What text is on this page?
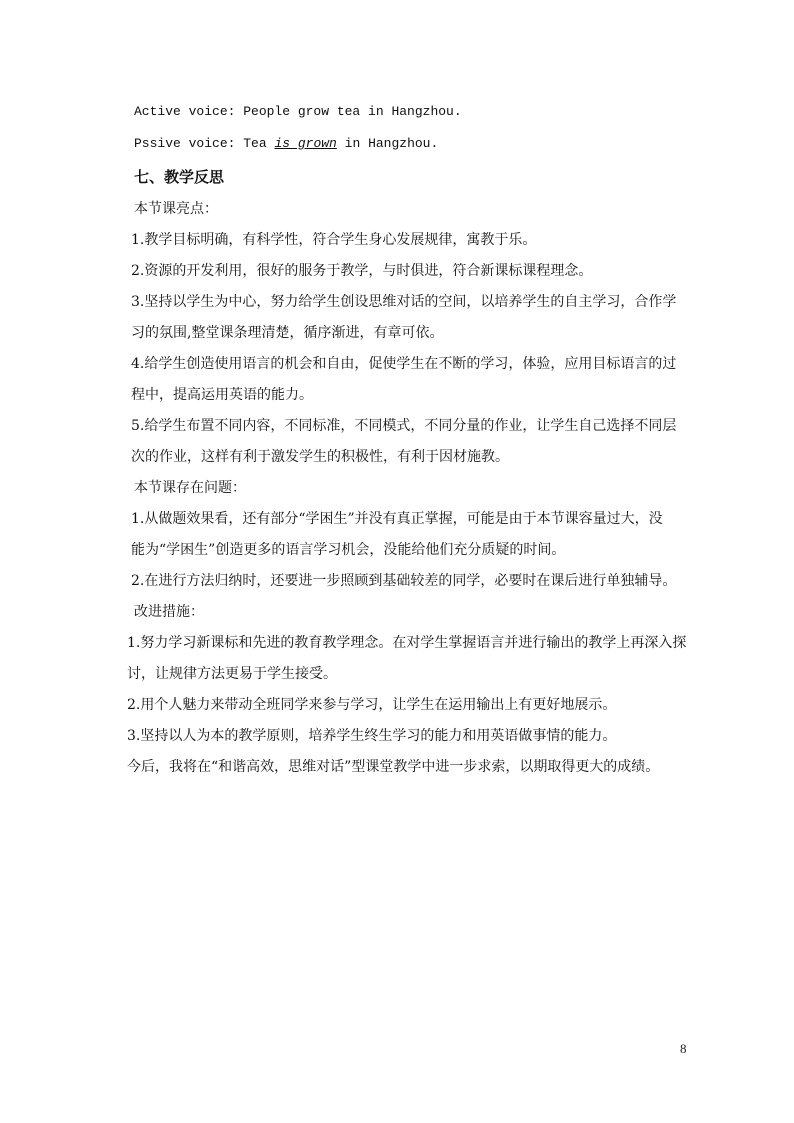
Active voice: People grow tea in Hangzhou.
Pssive voice: Tea is grown in Hangzhou.
七、教学反思
本节课亮点：
1.教学目标明确，有科学性，符合学生身心发展规律，寓教于乐。
2.资源的开发利用，很好的服务于教学，与时俱进，符合新课标课程理念。
3.坚持以学生为中心，努力给学生创设思维对话的空间，以培养学生的自主学习，合作学
习的氛围,整堂课条理清楚，循序渐进，有章可依。
4.给学生创造使用语言的机会和自由，促使学生在不断的学习，体验，应用目标语言的过
程中，提高运用英语的能力。
5.给学生布置不同内容，不同标准，不同模式，不同分量的作业，让学生自己选择不同层
次的作业，这样有利于激发学生的积极性，有利于因材施教。
本节课存在问题：
1.从做题效果看，还有部分“学困生”并没有真正掌握，可能是由于本节课容量过大，没
能为“学困生”创造更多的语言学习机会，没能给他们充分质疑的时间。
2.在进行方法归纳时，还要进一步照顾到基础较差的同学，必要时在课后进行单独辅导。
改进措施：
1.努力学习新课标和先进的教育教学理念。在对学生掌握语言并进行输出的教学上再深入探
讨，让规律方法更易于学生接受。
2.用个人魅力来带动全班同学来参与学习，让学生在运用输出上有更好地展示。
3.坚持以人为本的教学原则，培养学生终生学习的能力和用英语做事情的能力。
今后，我将在“和谐高效，思维对话”型课堂教学中进一步求索，以期取得更大的成绩。
8
